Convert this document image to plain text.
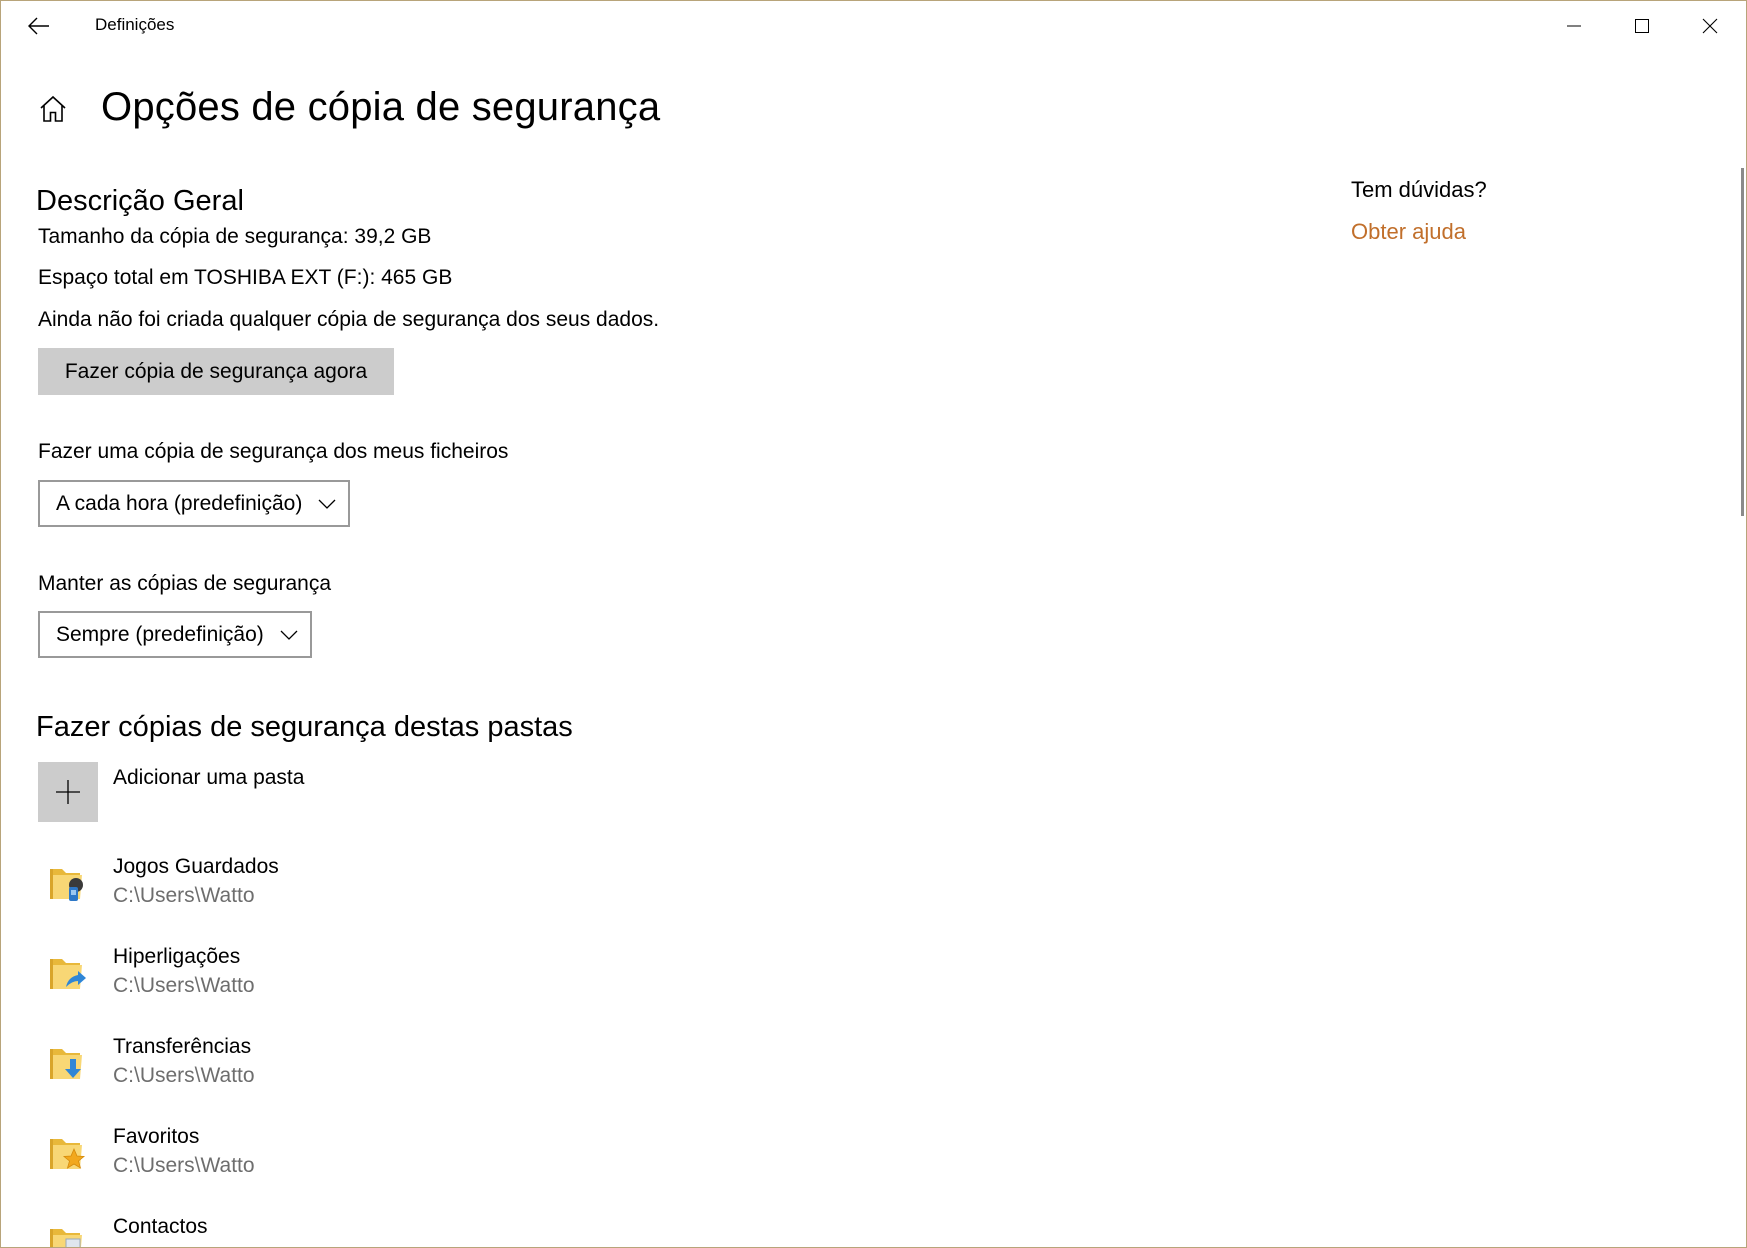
Definições
Opções de cópia de segurança
Descrição Geral
Tamanho da cópia de segurança: 39,2 GB
Espaço total em TOSHIBA EXT (F:): 465 GB
Ainda não foi criada qualquer cópia de segurança dos seus dados.
Fazer cópia de segurança agora
Fazer uma cópia de segurança dos meus ficheiros
A cada hora (predefinição)
Manter as cópias de segurança
Sempre (predefinição)
Fazer cópias de segurança destas pastas
Adicionar uma pasta
Jogos Guardados
C:\Users\Watto
Hiperligações
C:\Users\Watto
Transferências
C:\Users\Watto
Favoritos
C:\Users\Watto
Contactos
Tem dúvidas?
Obter ajuda
